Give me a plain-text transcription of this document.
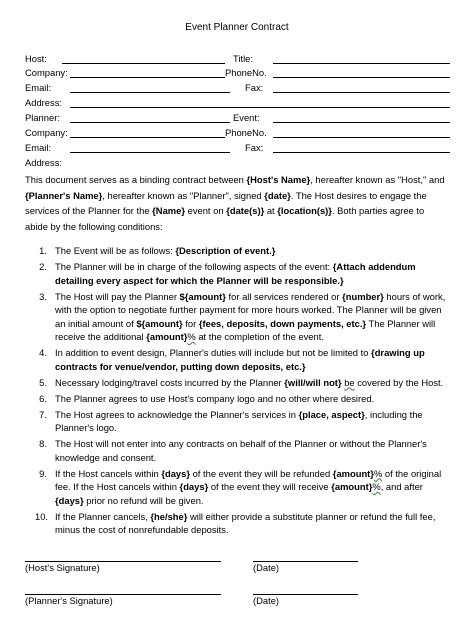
Event Planner Contract
Host:	Title:
Company:	PhoneNo.
Email:	Fax:
Address:
Planner:	Event:
Company:	PhoneNo.
Email:	Fax:
Address:

This document serves as a binding contract between {Host's Name}, hereafter known as "Host," and {Planner's Name}, hereafter known as "Planner", signed {date}. The Host desires to engage the services of the Planner for the {Name} event on {date(s)} at {location(s)}. Both parties agree to abide by the following conditions:

1. The Event will be as follows: {Description of event.}
2. The Planner will be in charge of the following aspects of the event: {Attach addendum detailing every aspect for which the Planner will be responsible.}
3. The Host will pay the Planner ${amount} for all services rendered or {number} hours of work, with the option to negotiate further payment for more hours worked. The Planner will be given an initial amount of ${amount} for {fees, deposits, down payments, etc.} The Planner will receive the additional {amount}% at the completion of the event.
4. In addition to event design, Planner's duties will include but not be limited to {drawing up contracts for venue/vendor, putting down deposits, etc.}
5. Necessary lodging/travel costs incurred by the Planner {will/will not} be covered by the Host.
6. The Planner agrees to use Host's company logo and no other where desired.
7. The Host agrees to acknowledge the Planner's services in {place, aspect}, including the Planner's logo.
8. The Host will not enter into any contracts on behalf of the Planner or without the Planner's knowledge and consent.
9. If the Host cancels within {days} of the event they will be refunded {amount}% of the original fee. If the Host cancels within {days} of the event they will receive {amount}%, and after {days} prior no refund will be given.
10. If the Planner cancels, {he/she} will either provide a substitute planner or refund the full fee, minus the cost of nonrefundable deposits.
(Host's Signature)	(Date)
(Planner's Signature)	(Date)
